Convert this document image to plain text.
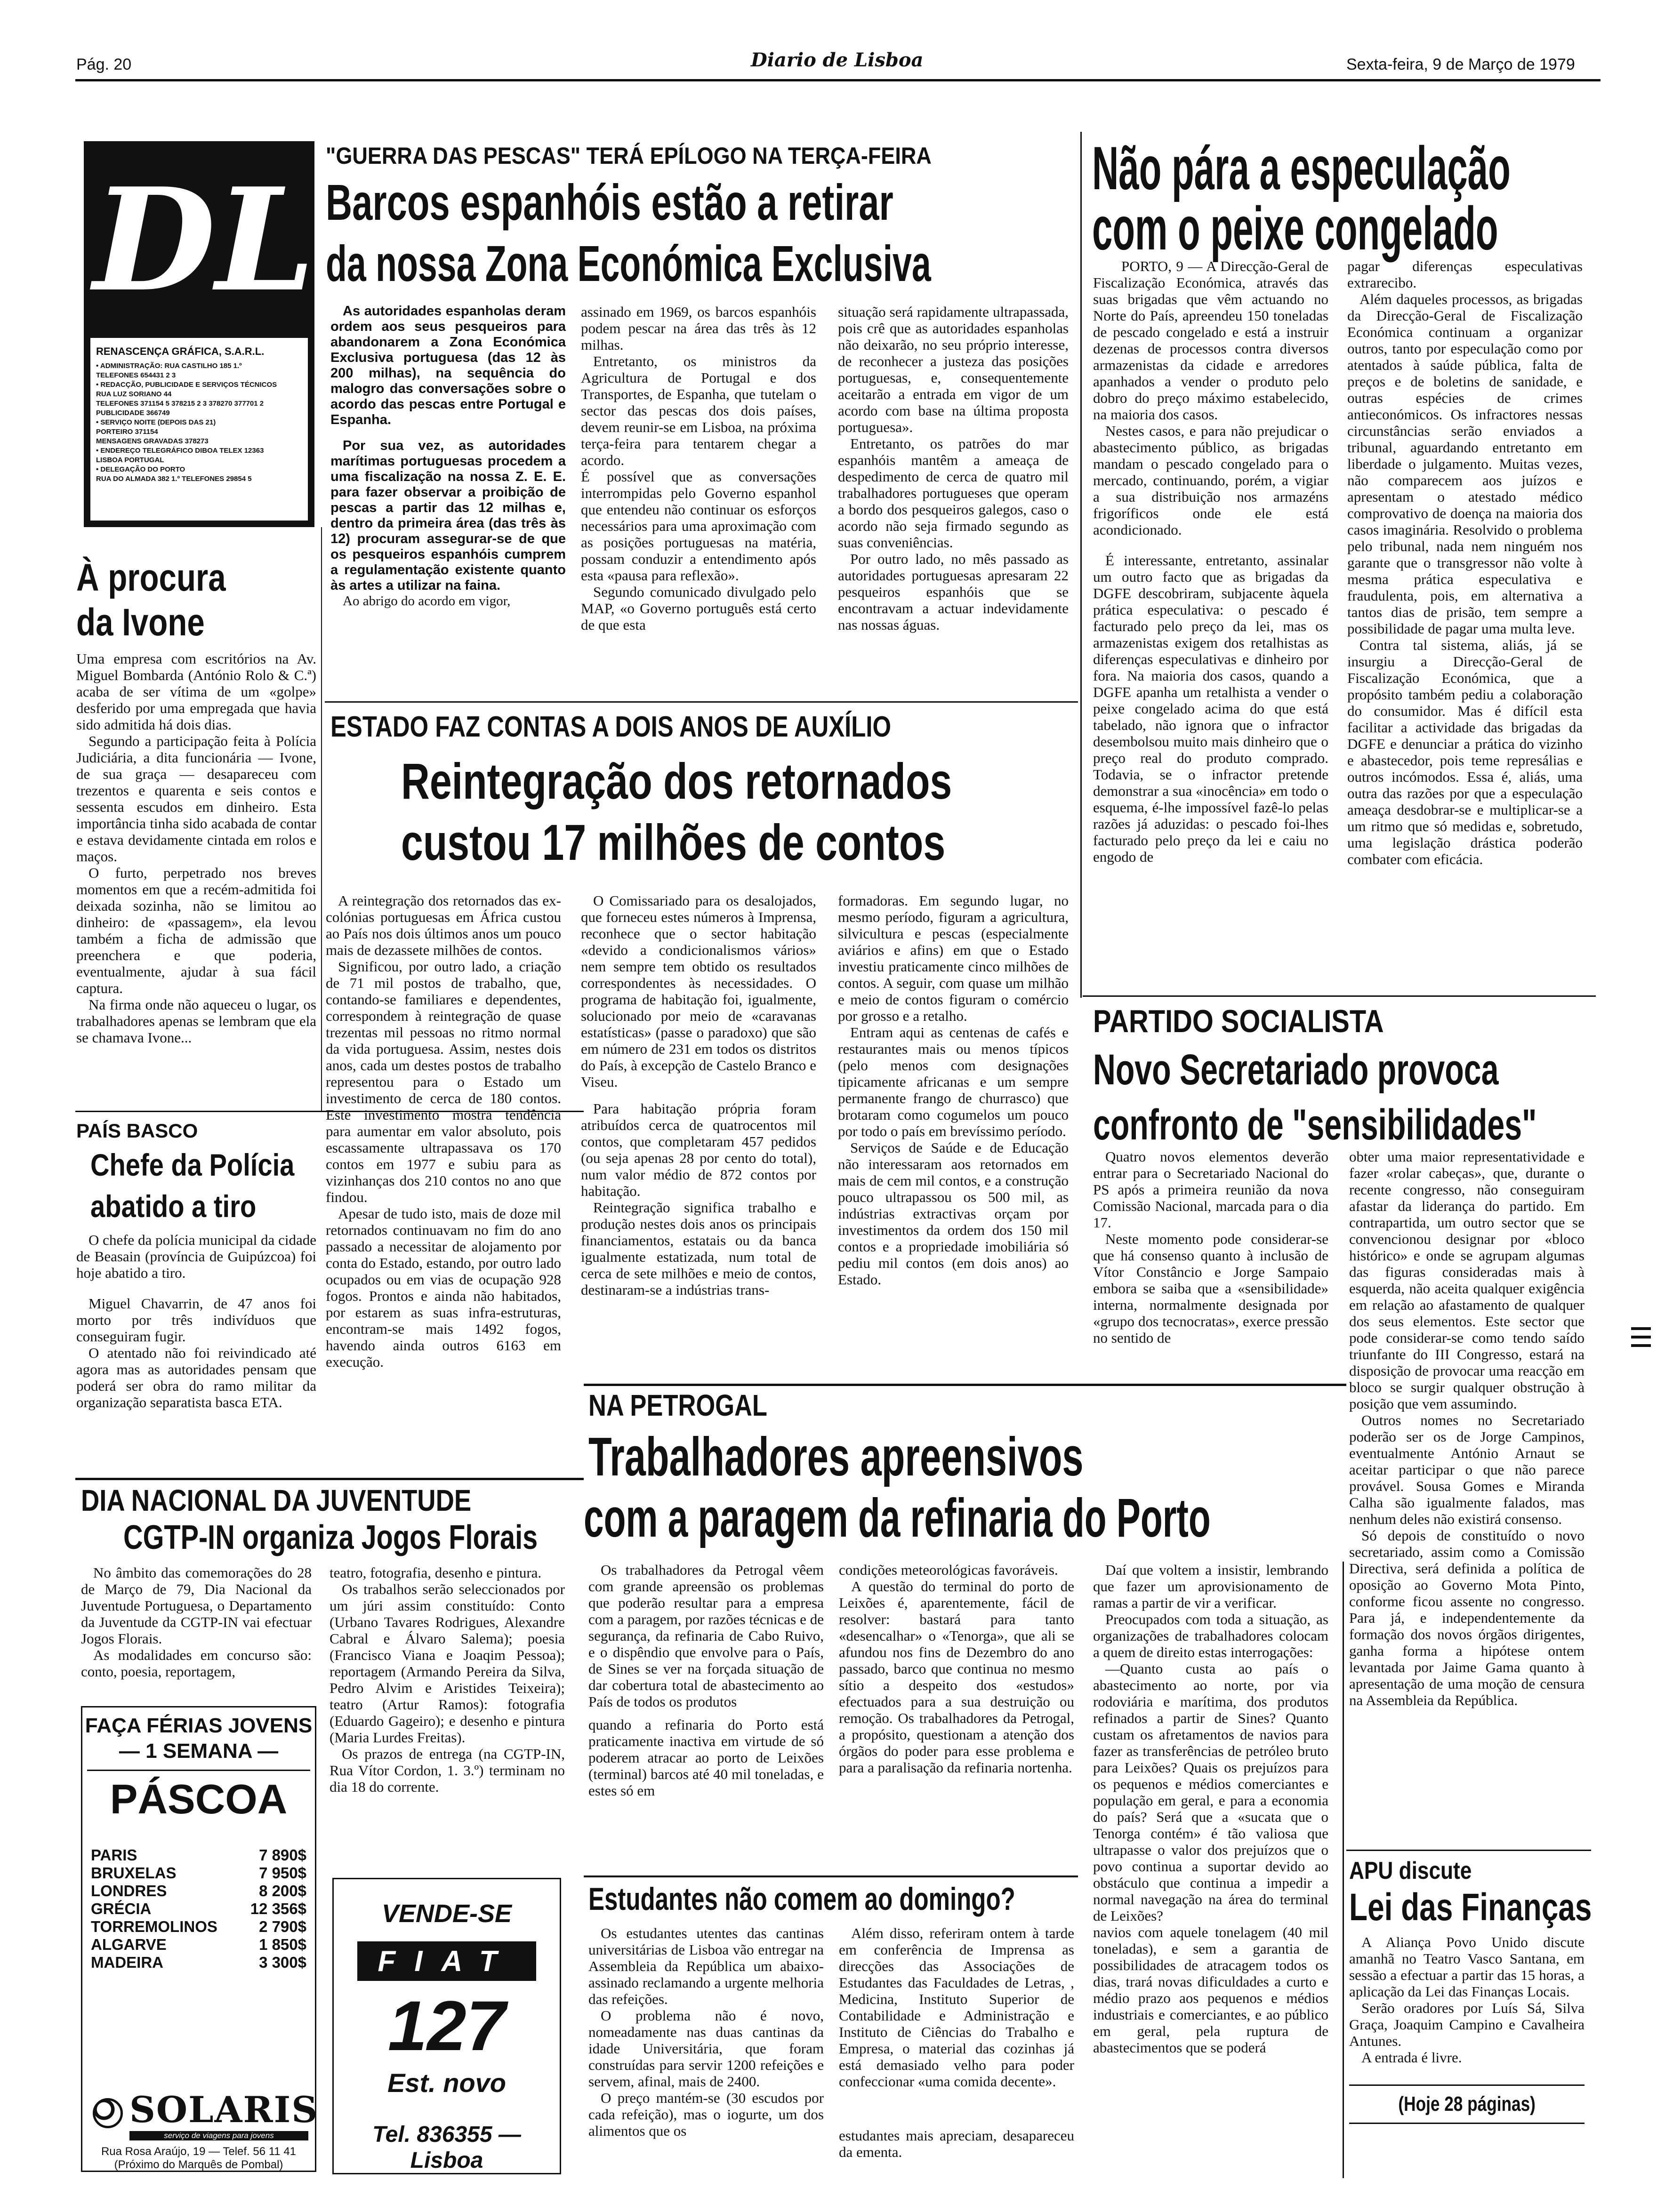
Pág. 20	Diario de Lisboa	Sexta-feira, 9 de Março de 1979
DL
RENASCENÇA GRÁFICA, S.A.R.L.
• ADMINISTRAÇÃO: RUA CASTILHO 185 1.º
TELEFONES 654431 2 3
• REDACÇÃO, PUBLICIDADE E SERVIÇOS TÉCNICOS
RUA LUZ SORIANO 44
TELEFONES 371154 5 378215 2 3 378270 377701 2
PUBLICIDADE 366749
• SERVIÇO NOITE (DEPOIS DAS 21)
PORTEIRO 371154
MENSAGENS GRAVADAS 378273
• ENDEREÇO TELEGRÁFICO DIBOA TELEX 12363
LISBOA PORTUGAL
• DELEGAÇÃO DO PORTO
RUA DO ALMADA 382 1.º TELEFONES 29854 5
À procura
da Ivone
Uma empresa com escritórios na Av. Miguel Bombarda (António Rolo & C.ª) acaba de ser vítima de um «golpe» desferido por uma empregada que havia sido admitida há dois dias.
Segundo a participação feita à Polícia Judiciária, a dita funcionária — Ivone, de sua graça — desapareceu com trezentos e quarenta e seis contos e sessenta escudos em dinheiro. Esta importância tinha sido acabada de contar e estava devidamente cintada em rolos e maços.
O furto, perpetrado nos breves momentos em que a recém-admitida foi deixada sozinha, não se limitou ao dinheiro: de «passagem», ela levou também a ficha de admissão que preenchera e que poderia, eventualmente, ajudar à sua fácil captura.
Na firma onde não aqueceu o lugar, os trabalhadores apenas se lembram que ela se chamava Ivone...
PAÍS BASCO
Chefe da Polícia
abatido a tiro
O chefe da polícia municipal da cidade de Beasain (província de Guipúzcoa) foi hoje abatido a tiro.
Miguel Chavarrin, de 47 anos foi morto por três indivíduos que conseguiram fugir.
O atentado não foi reivindicado até agora mas as autoridades pensam que poderá ser obra do ramo militar da organização separatista basca ETA.
"GUERRA DAS PESCAS" TERÁ EPÍLOGO NA TERÇA-FEIRA
Barcos espanhóis estão a retirar
da nossa Zona Económica Exclusiva
As autoridades espanholas deram ordem aos seus pesqueiros para abandonarem a Zona Económica Exclusiva portuguesa (das 12 às 200 milhas), na sequência do malogro das conversações sobre o acordo das pescas entre Portugal e Espanha.
Por sua vez, as autoridades marítimas portuguesas procedem a uma fiscalização na nossa Z. E. E. para fazer observar a proibição de pescas a partir das 12 milhas e, dentro da primeira área (das três às 12) procuram assegurar-se de que os pesqueiros espanhóis cumprem a regulamentação existente quanto às artes a utilizar na faina.
Ao abrigo do acordo em vigor,
assinado em 1969, os barcos espanhóis podem pescar na área das três às 12 milhas.
Entretanto, os ministros da Agricultura de Portugal e dos Transportes, de Espanha, que tutelam o sector das pescas dos dois países, devem reunir-se em Lisboa, na próxima terça-feira para tentarem chegar a acordo.
É possível que as conversações interrompidas pelo Governo espanhol que entendeu não continuar os esforços necessários para uma aproximação com as posições portuguesas na matéria, possam conduzir a entendimento após esta «pausa para reflexão».
Segundo comunicado divulgado pelo MAP, «o Governo português está certo de que esta
situação será rapidamente ultrapassada, pois crê que as autoridades espanholas não deixarão, no seu próprio interesse, de reconhecer a justeza das posições portuguesas, e, consequentemente aceitarão a entrada em vigor de um acordo com base na última proposta portuguesa».
Entretanto, os patrões do mar espanhóis mantêm a ameaça de despedimento de cerca de quatro mil trabalhadores portugueses que operam a bordo dos pesqueiros galegos, caso o acordo não seja firmado segundo as suas conveniências.
Por outro lado, no mês passado as autoridades portuguesas apresaram 22 pesqueiros espanhóis que se encontravam a actuar indevidamente nas nossas águas.
Não pára a especulação
com o peixe congelado
PORTO, 9 — A Direcção-Geral de Fiscalização Económica, através das suas brigadas que vêm actuando no Norte do País, apreendeu 150 toneladas de pescado congelado e está a instruir dezenas de processos contra diversos armazenistas da cidade e arredores apanhados a vender o produto pelo dobro do preço máximo estabelecido, na maioria dos casos.
Nestes casos, e para não prejudicar o abastecimento público, as brigadas mandam o pescado congelado para o mercado, continuando, porém, a vigiar a sua distribuição nos armazéns frigoríficos onde ele está acondicionado.
É interessante, entretanto, assinalar um outro facto que as brigadas da DGFE descobriram, subjacente àquela prática especulativa: o pescado é facturado pelo preço da lei, mas os armazenistas exigem dos retalhistas as diferenças especulativas e dinheiro por fora. Na maioria dos casos, quando a DGFE apanha um retalhista a vender o peixe congelado acima do que está tabelado, não ignora que o infractor desembolsou muito mais dinheiro que o preço real do produto comprado. Todavia, se o infractor pretende demonstrar a sua «inocência» em todo o esquema, é-lhe impossível fazê-lo pelas razões já aduzidas: o pescado foi-lhes facturado pelo preço da lei e caiu no engodo de
pagar diferenças especulativas extrarecibo.
Além daqueles processos, as brigadas da Direcção-Geral de Fiscalização Económica continuam a organizar outros, tanto por especulação como por atentados à saúde pública, falta de preços e de boletins de sanidade, e outras espécies de crimes antieconómicos. Os infractores nessas circunstâncias serão enviados a tribunal, aguardando entretanto em liberdade o julgamento. Muitas vezes, não comparecem aos juízos e apresentam o atestado médico comprovativo de doença na maioria dos casos imaginária. Resolvido o problema pelo tribunal, nada nem ninguém nos garante que o transgressor não volte à mesma prática especulativa e fraudulenta, pois, em alternativa a tantos dias de prisão, tem sempre a possibilidade de pagar uma multa leve.
Contra tal sistema, aliás, já se insurgiu a Direcção-Geral de Fiscalização Económica, que a propósito também pediu a colaboração do consumidor. Mas é difícil esta facilitar a actividade das brigadas da DGFE e denunciar a prática do vizinho e abastecedor, pois teme represálias e outros incómodos. Essa é, aliás, uma outra das razões por que a especulação ameaça desdobrar-se e multiplicar-se a um ritmo que só medidas e, sobretudo, uma legislação drástica poderão combater com eficácia.
ESTADO FAZ CONTAS A DOIS ANOS DE AUXÍLIO
Reintegração dos retornados
custou 17 milhões de contos
A reintegração dos retornados das ex-colónias portuguesas em África custou ao País nos dois últimos anos um pouco mais de dezassete milhões de contos.
Significou, por outro lado, a criação de 71 mil postos de trabalho, que, contando-se familiares e dependentes, correspondem à reintegração de quase trezentas mil pessoas no ritmo normal da vida portuguesa. Assim, nestes dois anos, cada um destes postos de trabalho representou para o Estado um investimento de cerca de 180 contos. Este investimento mostra tendência para aumentar em valor absoluto, pois escassamente ultrapassava os 170 contos em 1977 e subiu para as vizinhanças dos 210 contos no ano que findou.
Apesar de tudo isto, mais de doze mil retornados continuavam no fim do ano passado a necessitar de alojamento por conta do Estado, estando, por outro lado ocupados ou em vias de ocupação 928 fogos. Prontos e ainda não habitados, por estarem as suas infra-estruturas, encontram-se mais 1492 fogos, havendo ainda outros 6163 em execução.
O Comissariado para os desalojados, que forneceu estes números à Imprensa, reconhece que o sector habitação «devido a condicionalismos vários» nem sempre tem obtido os resultados correspondentes às necessidades. O programa de habitação foi, igualmente, solucionado por meio de «caravanas estatísticas» (passe o paradoxo) que são em número de 231 em todos os distritos do País, à excepção de Castelo Branco e Viseu.
Para habitação própria foram atribuídos cerca de quatrocentos mil contos, que completaram 457 pedidos (ou seja apenas 28 por cento do total), num valor médio de 872 contos por habitação.
Reintegração significa trabalho e produção nestes dois anos os principais financiamentos, estatais ou da banca igualmente estatizada, num total de cerca de sete milhões e meio de contos, destinaram-se a indústrias trans-
formadoras. Em segundo lugar, no mesmo período, figuram a agricultura, silvicultura e pescas (especialmente aviários e afins) em que o Estado investiu praticamente cinco milhões de contos. A seguir, com quase um milhão e meio de contos figuram o comércio por grosso e a retalho.
Entram aqui as centenas de cafés e restaurantes mais ou menos típicos (pelo menos com designações tipicamente africanas e um sempre permanente frango de churrasco) que brotaram como cogumelos um pouco por todo o país em brevíssimo período.
Serviços de Saúde e de Educação não interessaram aos retornados em mais de cem mil contos, e a construção pouco ultrapassou os 500 mil, as indústrias extractivas orçam por investimentos da ordem dos 150 mil contos e a propriedade imobiliária só pediu mil contos (em dois anos) ao Estado.
PARTIDO SOCIALISTA
Novo Secretariado provoca
confronto de "sensibilidades"
Quatro novos elementos deverão entrar para o Secretariado Nacional do PS após a primeira reunião da nova Comissão Nacional, marcada para o dia 17.
Neste momento pode considerar-se que há consenso quanto à inclusão de Vítor Constâncio e Jorge Sampaio embora se saiba que a «sensibilidade» interna, normalmente designada por «grupo dos tecnocratas», exerce pressão no sentido de
obter uma maior representatividade e fazer «rolar cabeças», que, durante o recente congresso, não conseguiram afastar da liderança do partido. Em contrapartida, um outro sector que se convencionou designar por «bloco histórico» e onde se agrupam algumas das figuras consideradas mais à esquerda, não aceita qualquer exigência em relação ao afastamento de qualquer dos seus elementos. Este sector que pode considerar-se como tendo saído triunfante do III Congresso, estará na disposição de provocar uma reacção em bloco se surgir qualquer obstrução à posição que vem assumindo.
Outros nomes no Secretariado poderão ser os de Jorge Campinos, eventualmente António Arnaut se aceitar participar o que não parece provável. Sousa Gomes e Miranda Calha são igualmente falados, mas nenhum deles não existirá consenso.
Só depois de constituído o novo secretariado, assim como a Comissão Directiva, será definida a política de oposição ao Governo Mota Pinto, conforme ficou assente no congresso. Para já, e independentemente da formação dos novos órgãos dirigentes, ganha forma a hipótese ontem levantada por Jaime Gama quanto à apresentação de uma moção de censura na Assembleia da República.
APU discute
Lei das Finanças
A Aliança Povo Unido discute amanhã no Teatro Vasco Santana, em sessão a efectuar a partir das 15 horas, a aplicação da Lei das Finanças Locais.
Serão oradores por Luís Sá, Silva Graça, Joaquim Campino e Cavalheira Antunes.
A entrada é livre.
(Hoje 28 páginas)
DIA NACIONAL DA JUVENTUDE
CGTP-IN organiza Jogos Florais
No âmbito das comemorações do 28 de Março de 79, Dia Nacional da Juventude Portuguesa, o Departamento da Juventude da CGTP-IN vai efectuar Jogos Florais.
As modalidades em concurso são: conto, poesia, reportagem,
teatro, fotografia, desenho e pintura.
Os trabalhos serão seleccionados por um júri assim constituído: Conto (Urbano Tavares Rodrigues, Alexandre Cabral e Álvaro Salema); poesia (Francisco Viana e Joaqim Pessoa); reportagem (Armando Pereira da Silva, Pedro Alvim e Aristides Teixeira); teatro (Artur Ramos): fotografia (Eduardo Gageiro); e desenho e pintura (Maria Lurdes Freitas).
Os prazos de entrega (na CGTP-IN, Rua Vítor Cordon, 1. 3.º) terminam no dia 18 do corrente.
FAÇA FÉRIAS JOVENS
— 1 SEMANA —
PÁSCOA
PARIS	7 890$
BRUXELAS	7 950$
LONDRES	8 200$
GRÉCIA	12 356$
TORREMOLINOS	2 790$
ALGARVE	1 850$
MADEIRA	3 300$
SOLARIS
serviço de viagens para jovens
Rua Rosa Araújo, 19 — Telef. 56 11 41
(Próximo do Marquês de Pombal)
VENDE-SE
FIAT
127
Est. novo
Tel. 836355 — Lisboa
NA PETROGAL
Trabalhadores apreensivos
com a paragem da refinaria do Porto
Os trabalhadores da Petrogal vêem com grande apreensão os problemas que poderão resultar para a empresa com a paragem, por razões técnicas e de segurança, da refinaria de Cabo Ruivo, e o dispêndio que envolve para o País, de Sines se ver na forçada situação de dar cobertura total de abastecimento ao País de todos os produtos
quando a refinaria do Porto está praticamente inactiva em virtude de só poderem atracar ao porto de Leixões (terminal) barcos até 40 mil toneladas, e estes só em
condições meteorológicas favoráveis.
A questão do terminal do porto de Leixões é, aparentemente, fácil de resolver: bastará para tanto «desencalhar» o «Tenorga», que ali se afundou nos fins de Dezembro do ano passado, barco que continua no mesmo sítio a despeito dos «estudos» efectuados para a sua destruição ou remoção. Os trabalhadores da Petrogal, a propósito, questionam a atenção dos órgãos do poder para esse problema e para a paralisação da refinaria nortenha.
Daí que voltem a insistir, lembrando que fazer um aprovisionamento de ramas a partir de vir a verificar.
Preocupados com toda a situação, as organizações de trabalhadores colocam a quem de direito estas interrogações:
—Quanto custa ao país o abastecimento ao norte, por via rodoviária e marítima, dos produtos refinados a partir de Sines? Quanto custam os afretamentos de navios para fazer as transferências de petróleo bruto para Leixões? Quais os prejuízos para os pequenos e médios comerciantes e população em geral, e para a economia do país? Será que a «sucata que o Tenorga contém» é tão valiosa que ultrapasse o valor dos prejuízos que o povo continua a suportar devido ao obstáculo que continua a impedir a normal navegação na área do terminal de Leixões?
navios com aquele tonelagem (40 mil toneladas), e sem a garantia de possibilidades de atracagem todos os dias, trará novas dificuldades a curto e médio prazo aos pequenos e médios industriais e comerciantes, e ao público em geral, pela ruptura de abastecimentos que se poderá
Estudantes não comem ao domingo?
Os estudantes utentes das cantinas universitárias de Lisboa vão entregar na Assembleia da República um abaixo-assinado reclamando a urgente melhoria das refeições.
O problema não é novo, nomeadamente nas duas cantinas da idade Universitária, que foram construídas para servir 1200 refeições e servem, afinal, mais de 2400.
O preço mantém-se (30 escudos por cada refeição), mas o iogurte, um dos alimentos que os
Além disso, referiram ontem à tarde em conferência de Imprensa as direcções das Associações de Estudantes das Faculdades de Letras, , Medicina, Instituto Superior de Contabilidade e Administração e Instituto de Ciências do Trabalho e Empresa, o material das cozinhas já está demasiado velho para poder confeccionar «uma comida decente».
estudantes mais apreciam, desapareceu da ementa.
